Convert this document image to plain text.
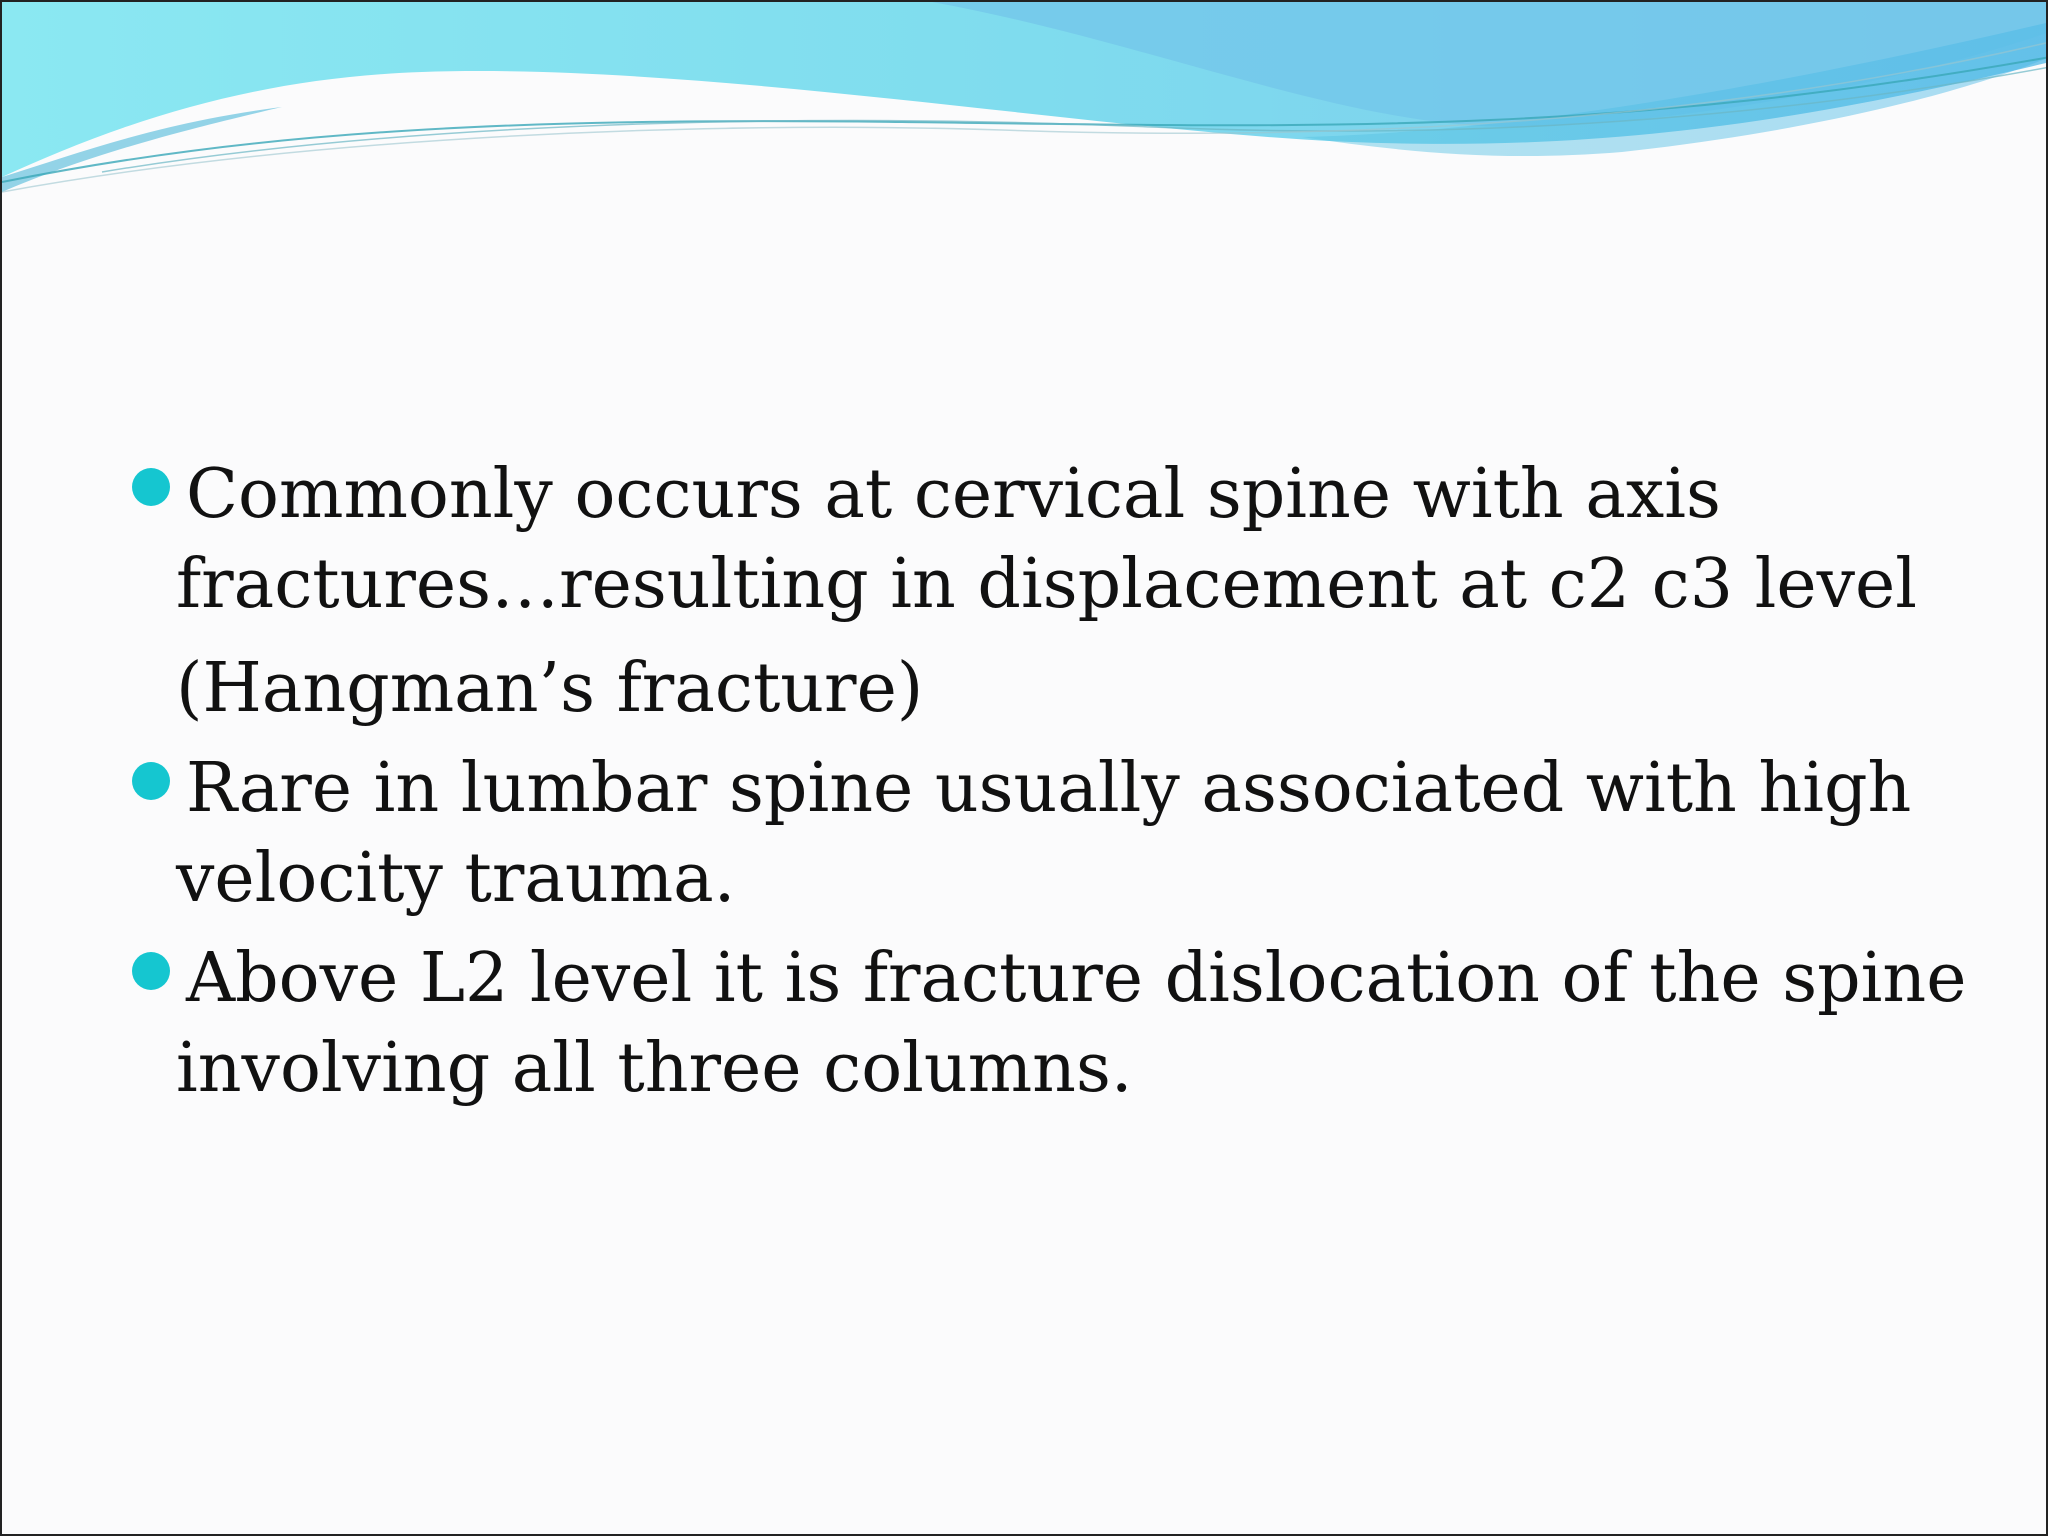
Commonly occurs at cervical spine with axis
fractures…resulting in displacement at c2 c3 level
(Hangman’s fracture)
Rare in lumbar spine usually associated with high
velocity trauma.
Above L2 level it is fracture dislocation of the spine
involving all three columns.
